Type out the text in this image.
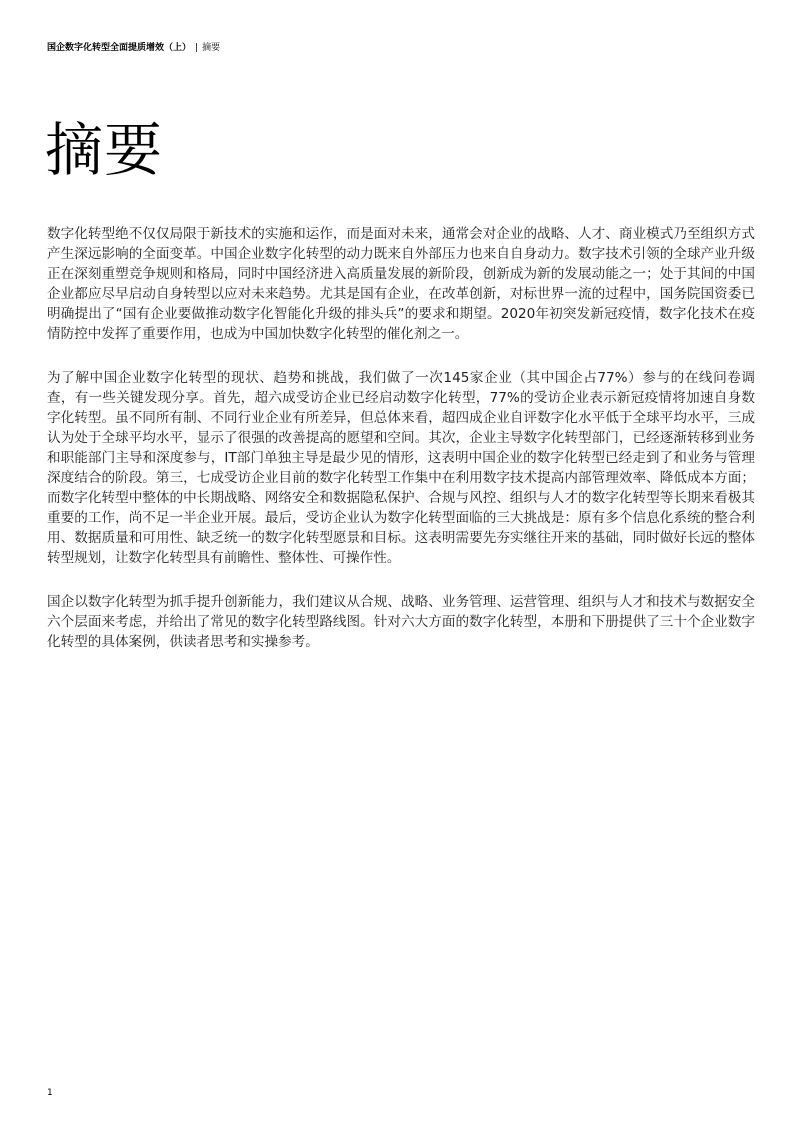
国企数字化转型全面提质增效（上） | 摘要
摘要

数字化转型绝不仅仅局限于新技术的实施和运作，而是面对未来，通常会对企业的战略、人才、商业模式乃至组织方式产生深远影响的全面变革。中国企业数字化转型的动力既来自外部压力也来自自身动力。数字技术引领的全球产业升级正在深刻重塑竞争规则和格局，同时中国经济进入高质量发展的新阶段，创新成为新的发展动能之一；处于其间的中国企业都应尽早启动自身转型以应对未来趋势。尤其是国有企业，在改革创新，对标世界一流的过程中，国务院国资委已明确提出了“国有企业要做推动数字化智能化升级的排头兵”的要求和期望。2020年初突发新冠疫情，数字化技术在疫情防控中发挥了重要作用，也成为中国加快数字化转型的催化剂之一。

为了解中国企业数字化转型的现状、趋势和挑战，我们做了一次145家企业（其中国企占77%）参与的在线问卷调查，有一些关键发现分享。首先，超六成受访企业已经启动数字化转型，77%的受访企业表示新冠疫情将加速自身数字化转型。虽不同所有制、不同行业企业有所差异，但总体来看，超四成企业自评数字化水平低于全球平均水平，三成认为处于全球平均水平，显示了很强的改善提高的愿望和空间。其次，企业主导数字化转型部门，已经逐渐转移到业务和职能部门主导和深度参与，IT部门单独主导是最少见的情形，这表明中国企业的数字化转型已经走到了和业务与管理深度结合的阶段。第三，七成受访企业目前的数字化转型工作集中在利用数字技术提高内部管理效率、降低成本方面；而数字化转型中整体的中长期战略、网络安全和数据隐私保护、合规与风控、组织与人才的数字化转型等长期来看极其重要的工作，尚不足一半企业开展。最后，受访企业认为数字化转型面临的三大挑战是：原有多个信息化系统的整合利用、数据质量和可用性、缺乏统一的数字化转型愿景和目标。这表明需要先夯实继往开来的基础，同时做好长远的整体转型规划，让数字化转型具有前瞻性、整体性、可操作性。

国企以数字化转型为抓手提升创新能力，我们建议从合规、战略、业务管理、运营管理、组织与人才和技术与数据安全六个层面来考虑，并给出了常见的数字化转型路线图。针对六大方面的数字化转型，本册和下册提供了三十个企业数字化转型的具体案例，供读者思考和实操参考。

1
